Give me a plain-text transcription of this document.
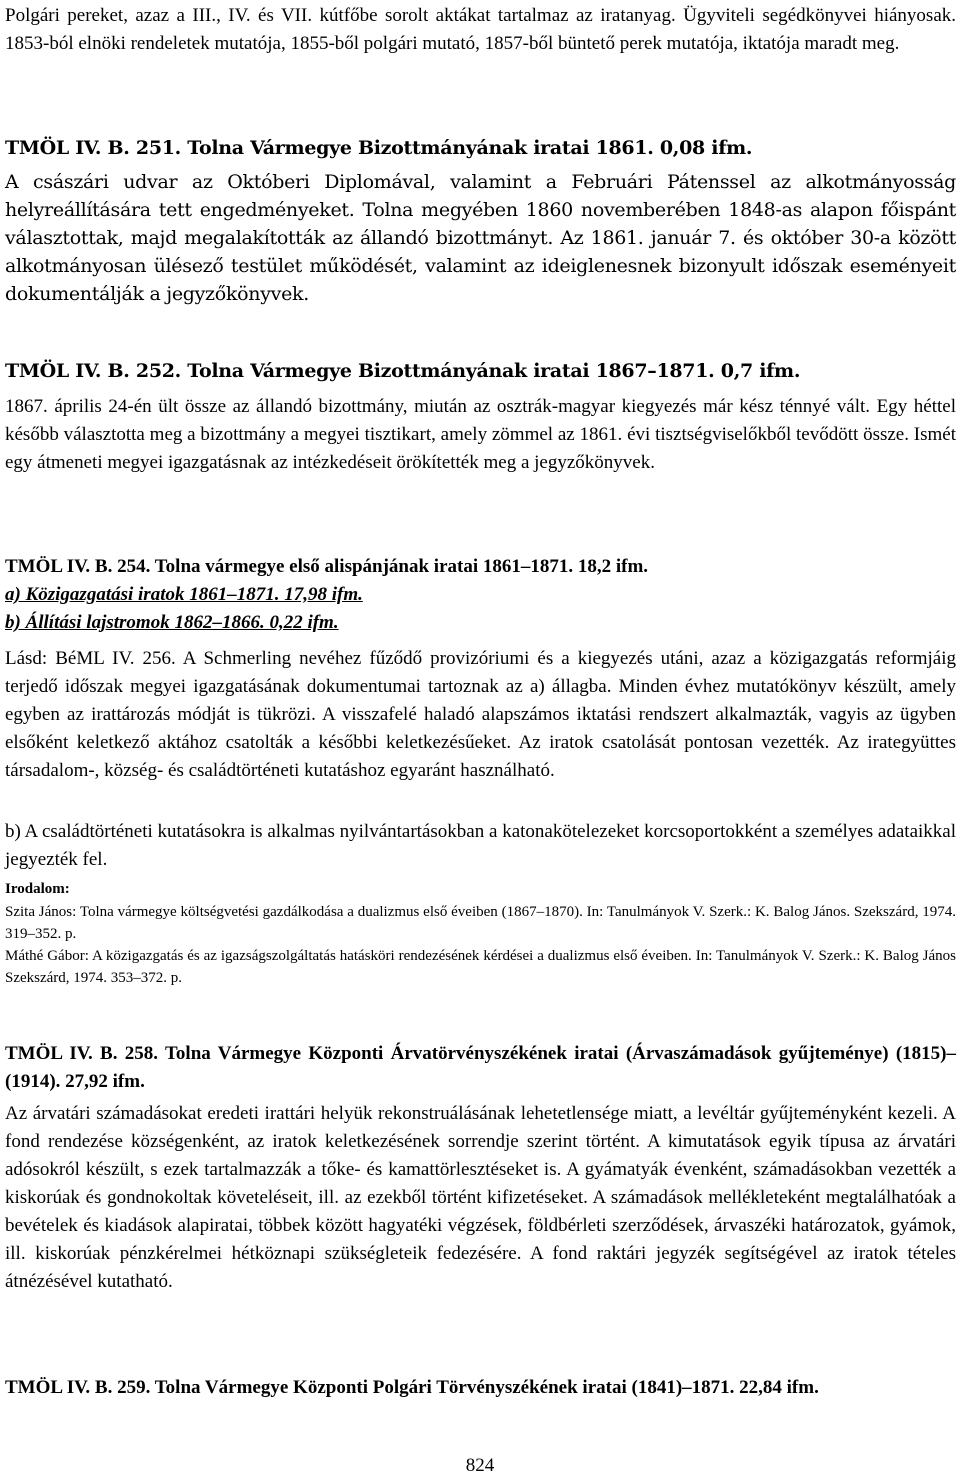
Polgári pereket, azaz a III., IV. és VII. kútfőbe sorolt aktákat tartalmaz az iratanyag. Ügyviteli segédkönyvei hiányosak. 1853-ból elnöki rendeletek mutatója, 1855-ből polgári mutató, 1857-ből büntető perek mutatója, iktatója maradt meg.

TMÖL IV. B. 251. Tolna Vármegye Bizottmányának iratai 1861. 0,08 ifm.

A császári udvar az Októberi Diplomával, valamint a Februári Pátenssel az alkotmányosság helyreállítására tett engedményeket. Tolna megyében 1860 novemberében 1848-as alapon főispánt választottak, majd megalakították az állandó bizottmányt. Az 1861. január 7. és október 30-a között alkotmányosan ülésező testület működését, valamint az ideiglenesnek bizonyult időszak eseményeit dokumentálják a jegyzőkönyvek.

TMÖL IV. B. 252. Tolna Vármegye Bizottmányának iratai 1867–1871. 0,7 ifm.

1867. április 24-én ült össze az állandó bizottmány, miután az osztrák-magyar kiegyezés már kész ténnyé vált. Egy héttel később választotta meg a bizottmány a megyei tisztikart, amely zömmel az 1861. évi tisztségviselőkből tevődött össze. Ismét egy átmeneti megyei igazgatásnak az intézkedéseit örökítették meg a jegyzőkönyvek.

TMÖL IV. B. 254. Tolna vármegye első alispánjának iratai 1861–1871. 18,2 ifm.

a) Közigazgatási iratok 1861–1871. 17,98 ifm.

b) Állítási lajstromok 1862–1866. 0,22 ifm.

Lásd: BéML IV. 256. A Schmerling nevéhez fűződő provizóriumi és a kiegyezés utáni, azaz a közigazgatás reformjáig terjedő időszak megyei igazgatásának dokumentumai tartoznak az a) állagba. Minden évhez mutatókönyv készült, amely egyben az irattározás módját is tükrözi. A visszafelé haladó alapszámos iktatási rendszert alkalmazták, vagyis az ügyben elsőként keletkező aktához csatolták a későbbi keletkezésűeket. Az iratok csatolását pontosan vezették. Az irategyüttes társadalom-, község- és családtörténeti kutatáshoz egyaránt használható.

b) A családtörténeti kutatásokra is alkalmas nyilvántartásokban a katonakötelezeket korcsoportokként a személyes adataikkal jegyezték fel.

Irodalom:

Szita János: Tolna vármegye költségvetési gazdálkodása a dualizmus első éveiben (1867–1870). In: Tanulmányok V. Szerk.: K. Balog János. Szekszárd, 1974. 319–352. p.

Máthé Gábor: A közigazgatás és az igazságszolgáltatás hatásköri rendezésének kérdései a dualizmus első éveiben. In: Tanulmányok V. Szerk.: K. Balog János Szekszárd, 1974. 353–372. p.

TMÖL IV. B. 258. Tolna Vármegye Központi Árvatörvényszékének iratai (Árvaszámadások gyűjteménye) (1815)–(1914). 27,92 ifm.

Az árvatári számadásokat eredeti irattári helyük rekonstruálásának lehetetlensége miatt, a levéltár gyűjteményként kezeli. A fond rendezése községenként, az iratok keletkezésének sorrendje szerint történt. A kimutatások egyik típusa az árvatári adósokról készült, s ezek tartalmazzák a tőke- és kamattörlesztéseket is. A gyámatyák évenként, számadásokban vezették a kiskorúak és gondnokoltak követeléseit, ill. az ezekből történt kifizetéseket. A számadások mellékleteként megtalálhatóak a bevételek és kiadások alapiratai, többek között hagyatéki végzések, földbérleti szerződések, árvaszéki határozatok, gyámok, ill. kiskorúak pénzkérelmei hétköznapi szükségleteik fedezésére. A fond raktári jegyzék segítségével az iratok tételes átnézésével kutatható.

TMÖL IV. B. 259. Tolna Vármegye Központi Polgári Törvényszékének iratai (1841)–1871. 22,84 ifm.

824
